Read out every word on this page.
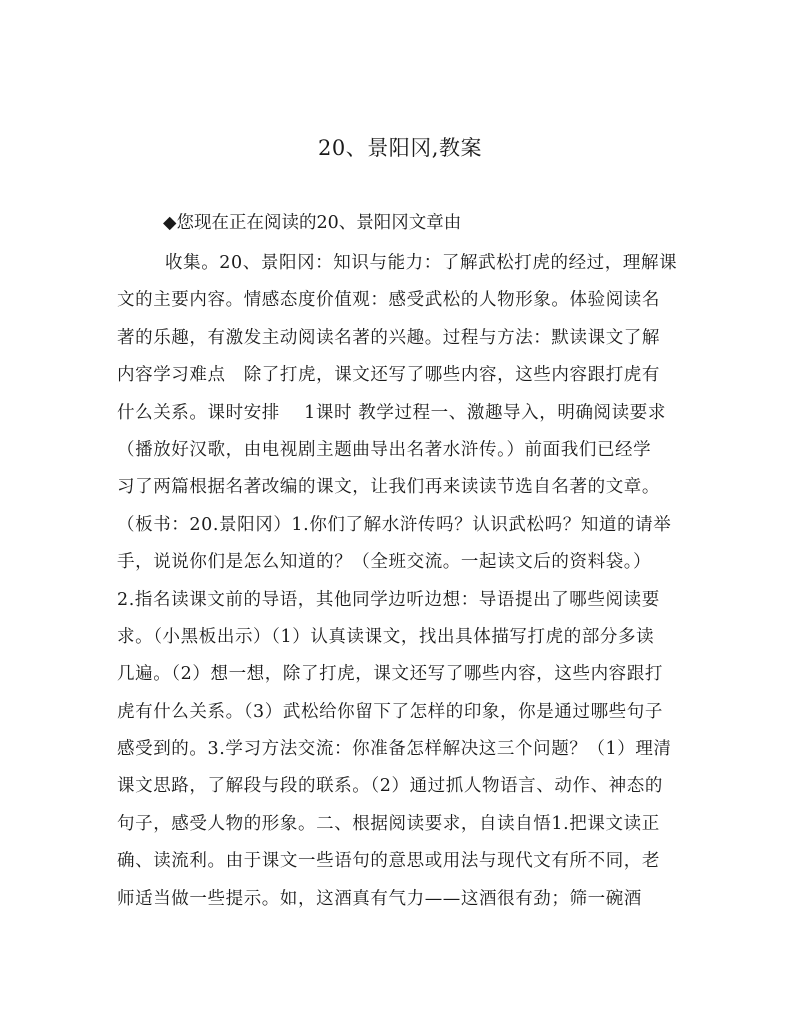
20、景阳冈,教案
◆您现在正在阅读的20、景阳冈文章由
收集。20、景阳冈：知识与能力：了解武松打虎的经过，理解课
文的主要内容。情感态度价值观：感受武松的人物形象。体验阅读名
著的乐趣，有激发主动阅读名著的兴趣。过程与方法：默读课文了解
内容学习难点　除了打虎，课文还写了哪些内容，这些内容跟打虎有
什么关系。课时安排　 1课时 教学过程一、激趣导入，明确阅读要求
（播放好汉歌，由电视剧主题曲导出名著水浒传。）前面我们已经学
习了两篇根据名著改编的课文，让我们再来读读节选自名著的文章。
（板书：20.景阳冈）1.你们了解水浒传吗？认识武松吗？知道的请举
手，说说你们是怎么知道的？（全班交流。一起读文后的资料袋。）
2.指名读课文前的导语，其他同学边听边想：导语提出了哪些阅读要
求。（小黑板出示）（1）认真读课文，找出具体描写打虎的部分多读
几遍。（2）想一想，除了打虎，课文还写了哪些内容，这些内容跟打
虎有什么关系。（3）武松给你留下了怎样的印象，你是通过哪些句子
感受到的。3.学习方法交流：你准备怎样解决这三个问题？（1）理清
课文思路，了解段与段的联系。（2）通过抓人物语言、动作、神态的
句子，感受人物的形象。二、根据阅读要求，自读自悟1.把课文读正
确、读流利。由于课文一些语句的意思或用法与现代文有所不同，老
师适当做一些提示。如，这酒真有气力——这酒很有劲；筛一碗酒
